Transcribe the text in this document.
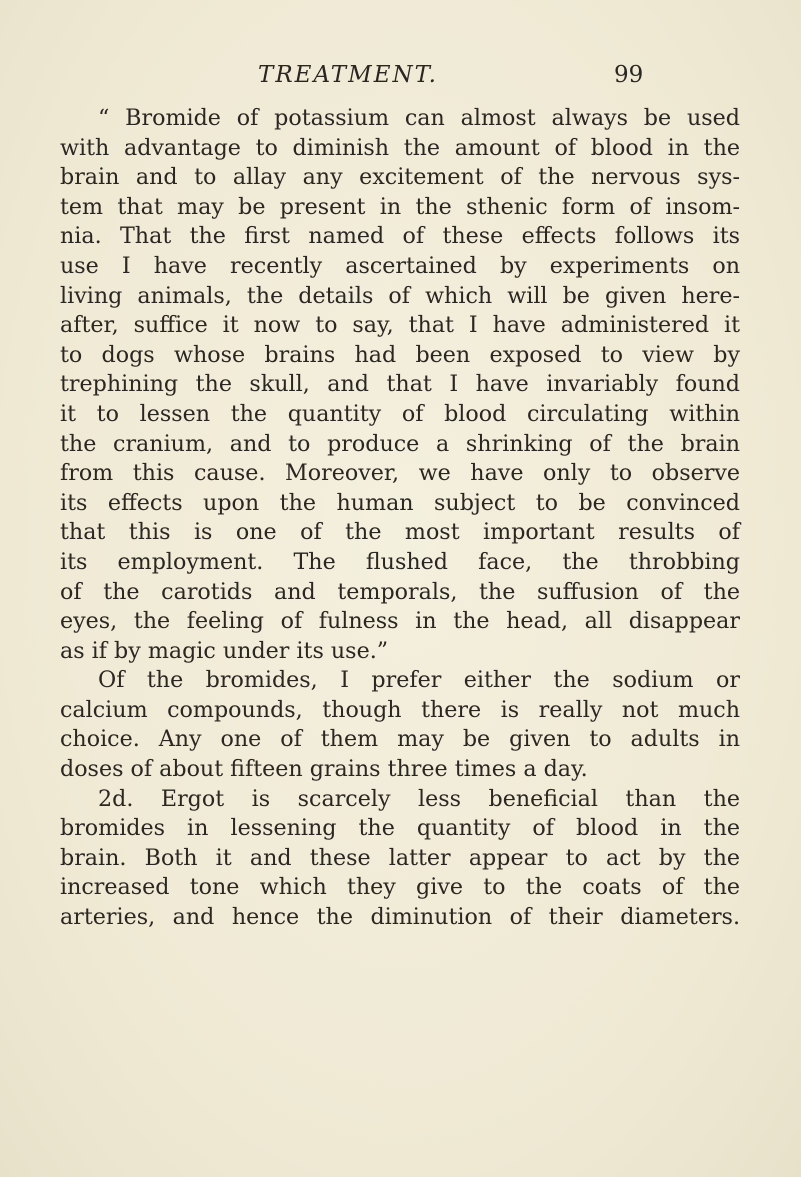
TREATMENT.	99
“ Bromide of potassium can almost always be used
with advantage to diminish the amount of blood in the
brain and to allay any excitement of the nervous sys-
tem that may be present in the sthenic form of insom-
nia. That the first named of these effects follows its
use I have recently ascertained by experiments on
living animals, the details of which will be given here-
after, suffice it now to say, that I have administered it
to dogs whose brains had been exposed to view by
trephining the skull, and that I have invariably found
it to lessen the quantity of blood circulating within
the cranium, and to produce a shrinking of the brain
from this cause. Moreover, we have only to observe
its effects upon the human subject to be convinced
that this is one of the most important results of
its employment. The flushed face, the throbbing
of the carotids and temporals, the suffusion of the
eyes, the feeling of fulness in the head, all disappear
as if by magic under its use.”
Of the bromides, I prefer either the sodium or
calcium compounds, though there is really not much
choice. Any one of them may be given to adults in
doses of about fifteen grains three times a day.
2d. Ergot is scarcely less beneficial than the
bromides in lessening the quantity of blood in the
brain. Both it and these latter appear to act by the
increased tone which they give to the coats of the
arteries, and hence the diminution of their diameters.
